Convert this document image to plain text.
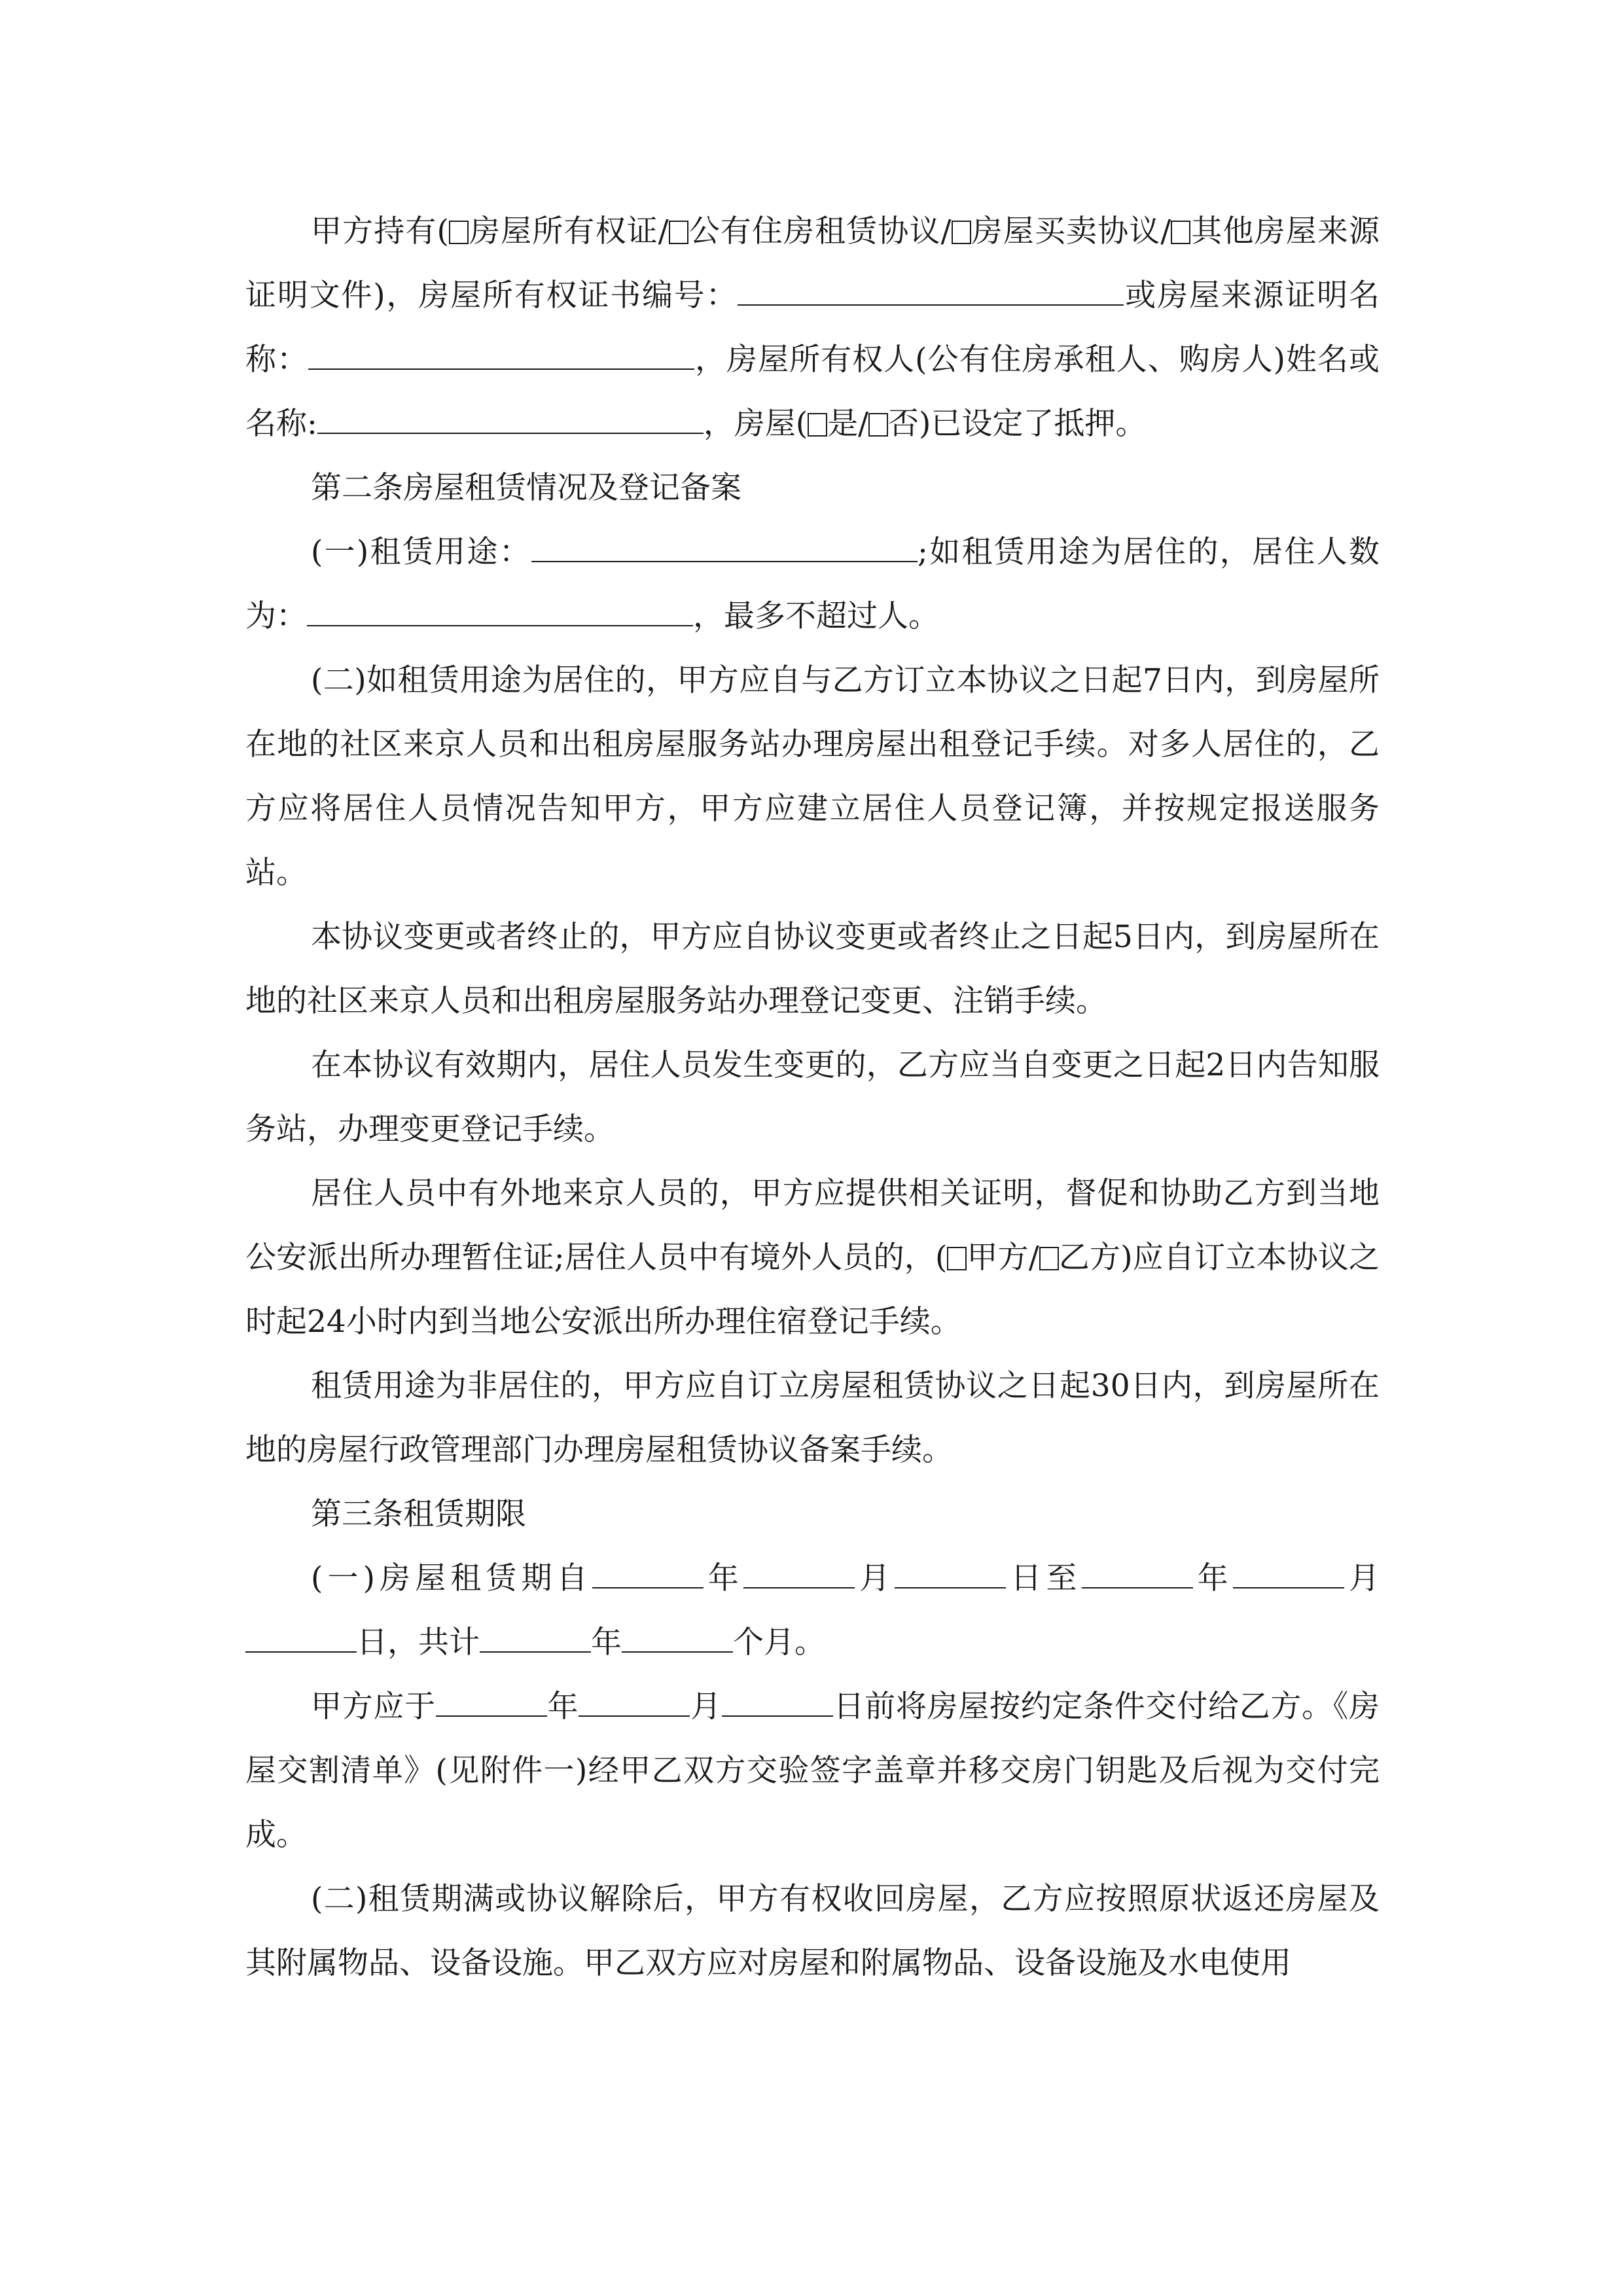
甲方持有( 房屋所有权证/ 公有住房租赁协议/ 房屋买卖协议/ 其他房屋来源证明文件)，房屋所有权证书编号：	或房屋来源证明名称：	，房屋所有权人(公有住房承租人、购房人)姓名或名称:	，房屋( 是/ 否)已设定了抵押。

第二条房屋租赁情况及登记备案

(一)租赁用途：	;如租赁用途为居住的，居住人数为：	，最多不超过人。

(二)如租赁用途为居住的，甲方应自与乙方订立本协议之日起7日内，到房屋所在地的社区来京人员和出租房屋服务站办理房屋出租登记手续。对多人居住的，乙方应将居住人员情况告知甲方，甲方应建立居住人员登记簿，并按规定报送服务站。

本协议变更或者终止的，甲方应自协议变更或者终止之日起5日内，到房屋所在地的社区来京人员和出租房屋服务站办理登记变更、注销手续。

在本协议有效期内，居住人员发生变更的，乙方应当自变更之日起2日内告知服务站，办理变更登记手续。

居住人员中有外地来京人员的，甲方应提供相关证明，督促和协助乙方到当地公安派出所办理暂住证;居住人员中有境外人员的，( 甲方/ 乙方)应自订立本协议之时起24小时内到当地公安派出所办理住宿登记手续。

租赁用途为非居住的，甲方应自订立房屋租赁协议之日起30日内，到房屋所在地的房屋行政管理部门办理房屋租赁协议备案手续。

第三条租赁期限

(一)房屋租赁期自	年	月	日至	年	月日，共计	年	个月。

甲方应于	年	月	日前将房屋按约定条件交付给乙方。《房屋交割清单》(见附件一)经甲乙双方交验签字盖章并移交房门钥匙及后视为交付完成。

(二)租赁期满或协议解除后，甲方有权收回房屋，乙方应按照原状返还房屋及其附属物品、设备设施。甲乙双方应对房屋和附属物品、设备设施及水电使用
